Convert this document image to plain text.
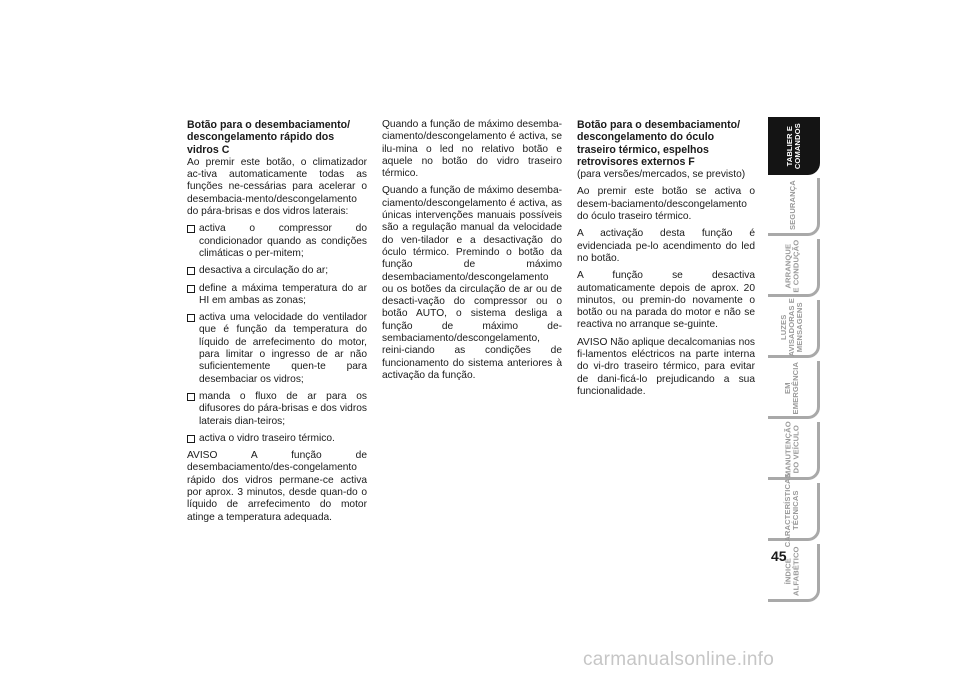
Botão para o desembaciamento/ descongelamento rápido dos vidros C

Ao premir este botão, o climatizador ac-tiva automaticamente todas as funções ne-cessárias para acelerar o desembacia-mento/descongelamento do pára-brisas e dos vidros laterais:

activa o compressor do condicionador quando as condições climáticas o per-mitem;
desactiva a circulação do ar;
define a máxima temperatura do ar HI em ambas as zonas;
activa uma velocidade do ventilador que é função da temperatura do líquido de arrefecimento do motor, para limitar o ingresso de ar não suficientemente quen-te para desembaciar os vidros;
manda o fluxo de ar para os difusores do pára-brisas e dos vidros laterais dian-teiros;
activa o vidro traseiro térmico.

AVISO A função de desembaciamento/des-congelamento rápido dos vidros permane-ce activa por aprox. 3 minutos, desde quan-do o líquido de arrefecimento do motor atinge a temperatura adequada.

Quando a função de máximo desemba-ciamento/descongelamento é activa, se ilu-mina o led no relativo botão e aquele no botão do vidro traseiro térmico.

Quando a função de máximo desemba-ciamento/descongelamento é activa, as únicas intervenções manuais possíveis são a regulação manual da velocidade do ven-tilador e a desactivação do óculo térmico. Premindo o botão da função de máximo desembaciamento/descongelamento ou os botões da circulação de ar ou de desacti-vação do compressor ou o botão AUTO, o sistema desliga a função de máximo de-sembaciamento/descongelamento, reini-ciando as condições de funcionamento do sistema anteriores à activação da função.

Botão para o desembaciamento/ descongelamento do óculo traseiro térmico, espelhos retrovisores externos F

(para versões/mercados, se previsto)

Ao premir este botão se activa o desem-baciamento/descongelamento do óculo traseiro térmico.

A activação desta função é evidenciada pe-lo acendimento do led no botão.

A função se desactiva automaticamente depois de aprox. 20 minutos, ou premin-do novamente o botão ou na parada do motor e não se reactiva no arranque se-guinte.

AVISO Não aplique decalcomanias nos fi-lamentos eléctricos na parte interna do vi-dro traseiro térmico, para evitar de dani-ficá-lo prejudicando a sua funcionalidade.

TABLIER E
COMANDOS
SEGURANÇA
ARRANQUE
E CONDUÇÃO
LUZES
AVISADORAS E
MENSAGENS
EM
EMERGÊNCIA
MANUTENÇÃO
DO VEÍCULO
CARACTERÍSTICAS
TÉCNICAS
ÍNDICE
ALFABÉTICO
45
carmanualsonline.info
